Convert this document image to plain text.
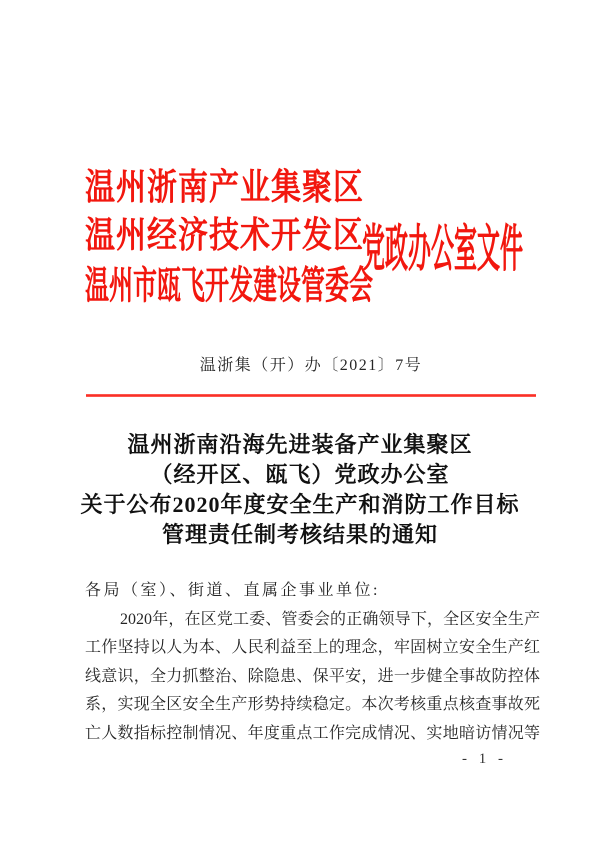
温州浙南产业集聚区
温州经济技术开发区
温州市瓯飞开发建设管委会
党政办公室文件
温浙集（开）办〔2021〕7号
温州浙南沿海先进装备产业集聚区
（经开区、瓯飞）党政办公室
关于公布2020年度安全生产和消防工作目标
管理责任制考核结果的通知
各局（室）、街道、直属企事业单位:
2020年，在区党工委、管委会的正确领导下，全区安全生产
工作坚持以人为本、人民利益至上的理念，牢固树立安全生产红
线意识，全力抓整治、除隐患、保平安，进一步健全事故防控体
系，实现全区安全生产形势持续稳定。本次考核重点核查事故死
亡人数指标控制情况、年度重点工作完成情况、实地暗访情况等
- 1 -
